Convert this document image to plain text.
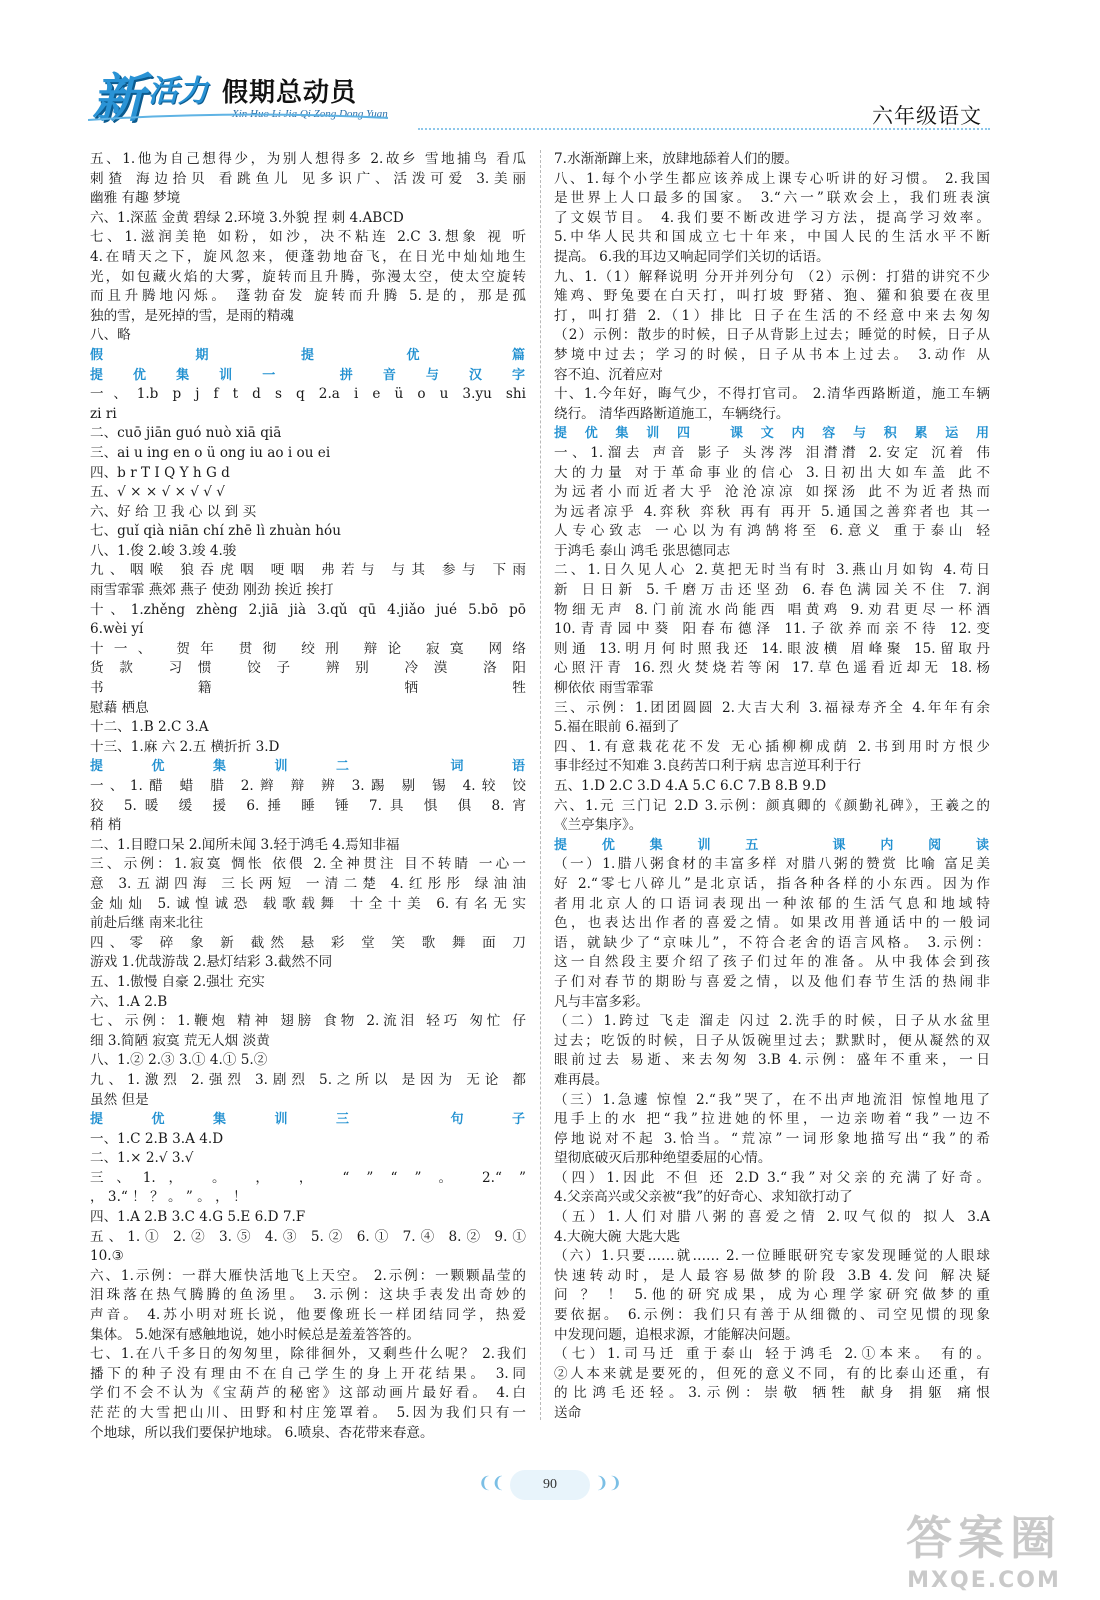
新 活力 假期总动员
Xin Huo Li Jia Qi Zong Dong Yuan	六年级语文
五、1.他为自己想得少，为别人想得多 2.故乡 雪地捕鸟 看瓜
刺猹 海边拾贝 看跳鱼儿 见多识广、活泼可爱 3.美丽
幽雅 有趣 梦境
六、1.深蓝 金黄 碧绿 2.环境 3.外貌 捏 刺 4.ABCD
七、1.滋润美艳 如粉，如沙，决不粘连 2.C 3.想象 视 听
4.在晴天之下，旋风忽来，便蓬勃地奋飞，在日光中灿灿地生
光，如包藏火焰的大雾，旋转而且升腾，弥漫太空，使太空旋转
而且升腾地闪烁。 蓬勃奋发 旋转而升腾 5.是的，那是孤
独的雪，是死掉的雪，是雨的精魂
八、略
假期提优篇
提优集训一 拼音与汉字
一、1.b p j f t d s q 2.a i e ü o u 3.yu shi
zi ri
二、cuō jiān guó nuò xiā qiā
三、ai u ing en o ü ong iu ao i ou ei
四、b r T I Q Y h G d
五、√ × × √ × √ √ √
六、好 给 卫 我 心 以 到 买
七、guǐ qià niān chí zhē lì zhuàn hóu
八、1.俊 2.峻 3.竣 4.骏
九、咽喉 狼吞虎咽 哽咽 弗若与 与其 参与 下雨
雨雪霏霏 燕郊 燕子 使劲 刚劲 挨近 挨打
十、1.zhěng zhèng 2.jiā jià 3.qǔ qū 4.jiǎo jué 5.bō pō
6.wèi yí
十一、 贺年 贯彻 绞刑 辩论 寂寞 网络
货款 习惯 饺子 辨别 冷漠 洛阳
书籍 牺牲
慰藉 栖息
十二、1.B 2.C 3.A
十三、1.麻 六 2.五 横折折 3.D
提优集训二 词语
一、1.醋 蜡 腊 2.辫 辩 辨 3.踢 剔 锡 4.较 饺
狡 5.暖 缓 援 6.捶 睡 锤 7.具 惧 俱 8.宵
稍 梢
二、1.目瞪口呆 2.闻所未闻 3.轻于鸿毛 4.焉知非福
三、示例：1.寂寞 惆怅 依偎 2.全神贯注 目不转睛 一心一
意 3.五湖四海 三长两短 一清二楚 4.红彤彤 绿油油
金灿灿 5.诚惶诚恐 载歌载舞 十全十美 6.有名无实
前赴后继 南来北往
四、零 碎 象 新 截然 悬 彩 堂 笑 歌 舞 面 刀
游戏 1.优哉游哉 2.悬灯结彩 3.截然不同
五、1.傲慢 自豪 2.强壮 充实
六、1.A 2.B
七、示例：1.鞭炮 精神 翅膀 食物 2.流泪 轻巧 匆忙 仔
细 3.简陋 寂寞 荒无人烟 淡黄
八、1.② 2.③ 3.① 4.① 5.②
九、1.激烈 2.强烈 3.剧烈 5.之所以 是因为 无论 都
虽然 但是
提优集训三 句子
一、1.C 2.B 3.A 4.D
二、1.× 2.√ 3.√
三、1.， 。 ， ， “ ” “ ” 。 2.“ ”
， 3.“ ！ ？ 。 ” 。 ， ！
四、1.A 2.B 3.C 4.G 5.E 6.D 7.F
五、1.① 2.② 3.⑤ 4.③ 5.② 6.① 7.④ 8.② 9.①
10.③
六、1.示例：一群大雁快活地飞上天空。 2.示例：一颗颗晶莹的
泪珠落在热气腾腾的鱼汤里。 3.示例：这块手表发出奇妙的
声音。 4.苏小明对班长说，他要像班长一样团结同学，热爱
集体。 5.她深有感触地说，她小时候总是羞羞答答的。
七、1.在八千多日的匆匆里，除徘徊外，又剩些什么呢？ 2.我们
播下的种子没有理由不在自己学生的身上开花结果。 3.同
学们不会不认为《宝葫芦的秘密》这部动画片最好看。 4.白
茫茫的大雪把山川、田野和村庄笼罩着。 5.因为我们只有一
个地球，所以我们要保护地球。 6.喷泉、杏花带来春意。
7.水渐渐蹿上来，放肆地舔着人们的腰。
八、1.每个小学生都应该养成上课专心听讲的好习惯。 2.我国
是世界上人口最多的国家。 3.“六一”联欢会上，我们班表演
了文娱节目。 4.我们要不断改进学习方法，提高学习效率。
5.中华人民共和国成立七十年来，中国人民的生活水平不断
提高。 6.我的耳边又响起同学们关切的话语。
九、1.（1）解释说明 分开并列分句 （2）示例：打猎的讲究不少
雉鸡、野兔要在白天打，叫打坡 野猪、狍、獾和狼要在夜里
打，叫打猎 2.（1）排比 日子在生活的不经意中来去匆匆
（2）示例：散步的时候，日子从背影上过去；睡觉的时候，日子从
梦境中过去；学习的时候，日子从书本上过去。 3.动作 从
容不迫、沉着应对
十、1.今年好，晦气少，不得打官司。 2.清华西路断道，施工车辆
绕行。 清华西路断道施工，车辆绕行。
提优集训四 课文内容与积累运用
一、1.溜去 声音 影子 头涔涔 泪潸潸 2.安定 沉着 伟
大的力量 对于革命事业的信心 3.日初出大如车盖 此不
为远者小而近者大乎 沧沧凉凉 如探汤 此不为近者热而
为远者凉乎 4.弈秋 弈秋 再有 再开 5.通国之善弈者也 其一
人专心致志 一心以为有鸿鹄将至 6.意义 重于泰山 轻
于鸿毛 泰山 鸿毛 张思德同志
二、1.日久见人心 2.莫把无时当有时 3.燕山月如钩 4.苟日
新 日日新 5.千磨万击还坚劲 6.春色满园关不住 7.润
物细无声 8.门前流水尚能西 唱黄鸡 9.劝君更尽一杯酒
10.青青园中葵 阳春布德泽 11.子欲养而亲不待 12.变
则通 13.明月何时照我还 14.眼波横 眉峰聚 15.留取丹
心照汗青 16.烈火焚烧若等闲 17.草色遥看近却无 18.杨
柳依依 雨雪霏霏
三、示例：1.团团圆圆 2.大吉大利 3.福禄寿齐全 4.年年有余
5.福在眼前 6.福到了
四、1.有意栽花花不发 无心插柳柳成荫 2.书到用时方恨少
事非经过不知难 3.良药苦口利于病 忠言逆耳利于行
五、1.D 2.C 3.D 4.A 5.C 6.C 7.B 8.B 9.D
六、1.元 三门记 2.D 3.示例：颜真卿的《颜勤礼碑》，王羲之的
《兰亭集序》。
提优集训五 课内阅读
（一）1.腊八粥食材的丰富多样 对腊八粥的赞赏 比喻 富足美
好 2.“零七八碎儿”是北京话，指各种各样的小东西。因为作
者用北京人的口语词表现出一种浓郁的生活气息和地域特
色，也表达出作者的喜爱之情。如果改用普通话中的一般词
语，就缺少了“京味儿”，不符合老舍的语言风格。 3.示例：
这一自然段主要介绍了孩子们过年的准备。从中我体会到孩
子们对春节的期盼与喜爱之情，以及他们春节生活的热闹非
凡与丰富多彩。
（二）1.跨过 飞走 溜走 闪过 2.洗手的时候，日子从水盆里
过去；吃饭的时候，日子从饭碗里过去；默默时，便从凝然的双
眼前过去 易逝、来去匆匆 3.B 4.示例：盛年不重来，一日
难再晨。
（三）1.急遽 惊惶 2.“我”哭了，在不出声地流泪 惊惶地甩了
甩手上的水 把“我”拉进她的怀里，一边亲吻着“我”一边不
停地说对不起 3.恰当。“荒凉”一词形象地描写出“我”的希
望彻底破灭后那种绝望委屈的心情。
（四）1.因此 不但 还 2.D 3.“我”对父亲的充满了好奇。
4.父亲高兴或父亲被“我”的好奇心、求知欲打动了
（五）1.人们对腊八粥的喜爱之情 2.叹气似的 拟人 3.A
4.大碗大碗 大匙大匙
（六）1.只要……就…… 2.一位睡眠研究专家发现睡觉的人眼球
快速转动时，是人最容易做梦的阶段 3.B 4.发问 解决疑
问 ？ ！ 5.他的研究成果，成为心理学家研究做梦的重
要依据。 6.示例：我们只有善于从细微的、司空见惯的现象
中发现问题，追根求源，才能解决问题。
（七）1.司马迁 重于泰山 轻于鸿毛 2.①本来。 有的。
②人本来就是要死的，但死的意义不同，有的比泰山还重，有
的比鸿毛还轻。3.示例：崇敬 牺牲 献身 捐躯 痛恨
送命
❨❨	90 ❩❩
答案圈
MXQE.COM
